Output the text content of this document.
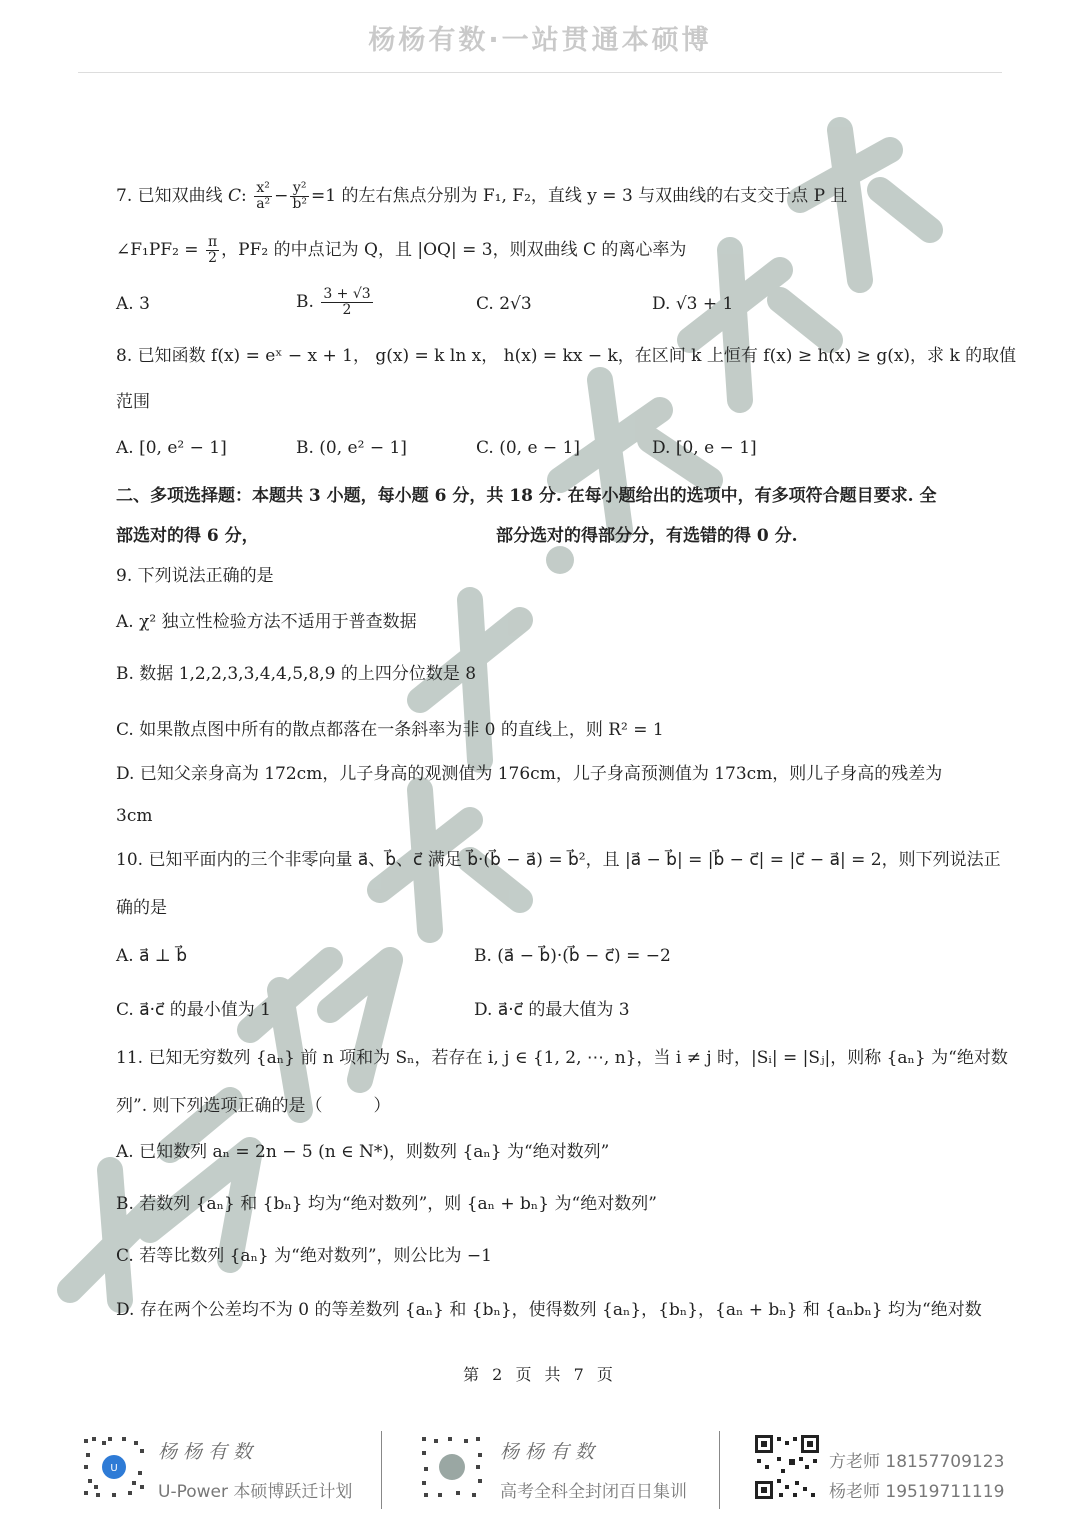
杨杨有数·一站贯通本硕博
7. 已知双曲线 C: $\frac{\text{x²}}{\text{a²}} - \frac{\text{y²}}{\text{b²}} =1$ 的左右焦点分别为 F₁, F₂，直线 y = 3 与双曲线的右支交于点 P 且
∠F₁PF₂ = $\frac{\pi}{2}$ ，PF₂ 的中点记为 Q，且 |OQ| = 3，则双曲线 C 的离心率为
A. 3	B. $\frac{3 + √3}{2}$	C. 2√3	D. √3 + 1
8. 已知函数 f(x) = eˣ − x + 1， g(x) = k ln x， h(x) = kx − k，在区间 k 上恒有 f(x) ≥ h(x) ≥ g(x)，求 k 的取值
范围
A. [0, e² − 1]	B. (0, e² − 1]	C. (0, e − 1]	D. [0, e − 1]
二、多项选择题：本题共 3 小题，每小题 6 分，共 18 分. 在每小题给出的选项中，有多项符合题目要求. 全
部选对的得 6 分，	部分选对的得部分分，有选错的得 0 分.
9. 下列说法正确的是
A. χ² 独立性检验方法不适用于普查数据
B. 数据 1,2,2,3,3,4,4,5,8,9 的上四分位数是 8
C. 如果散点图中所有的散点都落在一条斜率为非 0 的直线上，则 R² = 1
D. 已知父亲身高为 172cm，儿子身高的观测值为 176cm，儿子身高预测值为 173cm，则儿子身高的残差为
3cm
10. 已知平面内的三个非零向量 a⃗、b⃗、c⃗ 满足 b⃗·(b⃗ − a⃗) = b⃗²，且 |a⃗ − b⃗| = |b⃗ − c⃗| = |c⃗ − a⃗| = 2，则下列说法正
确的是
A. a⃗ ⊥ b⃗	B. (a⃗ − b⃗)·(b⃗ − c⃗) = −2
C. a⃗·c⃗ 的最小值为 1	D. a⃗·c⃗ 的最大值为 3
11. 已知无穷数列 {aₙ} 前 n 项和为 Sₙ，若存在 i, j ∈ {1, 2, ⋯, n}，当 i ≠ j 时，|Sᵢ| = |Sⱼ|，则称 {aₙ} 为“绝对数
列”. 则下列选项正确的是（　　　）
A. 已知数列 aₙ = 2n − 5 (n ∈ N*)，则数列 {aₙ} 为“绝对数列”
B. 若数列 {aₙ} 和 {bₙ} 均为“绝对数列”，则 {aₙ + bₙ} 为“绝对数列”
C. 若等比数列 {aₙ} 为“绝对数列”，则公比为 −1
D. 存在两个公差均不为 0 的等差数列 {aₙ} 和 {bₙ}，使得数列 {aₙ}，{bₙ}，{aₙ + bₙ} 和 {aₙbₙ} 均为“绝对数
第 2 页 共 7 页
U
杨杨有数
U-Power 本硕博跃迁计划
杨杨有数
高考全科全封闭百日集训
方老师 18157709123
杨老师 19519711119
